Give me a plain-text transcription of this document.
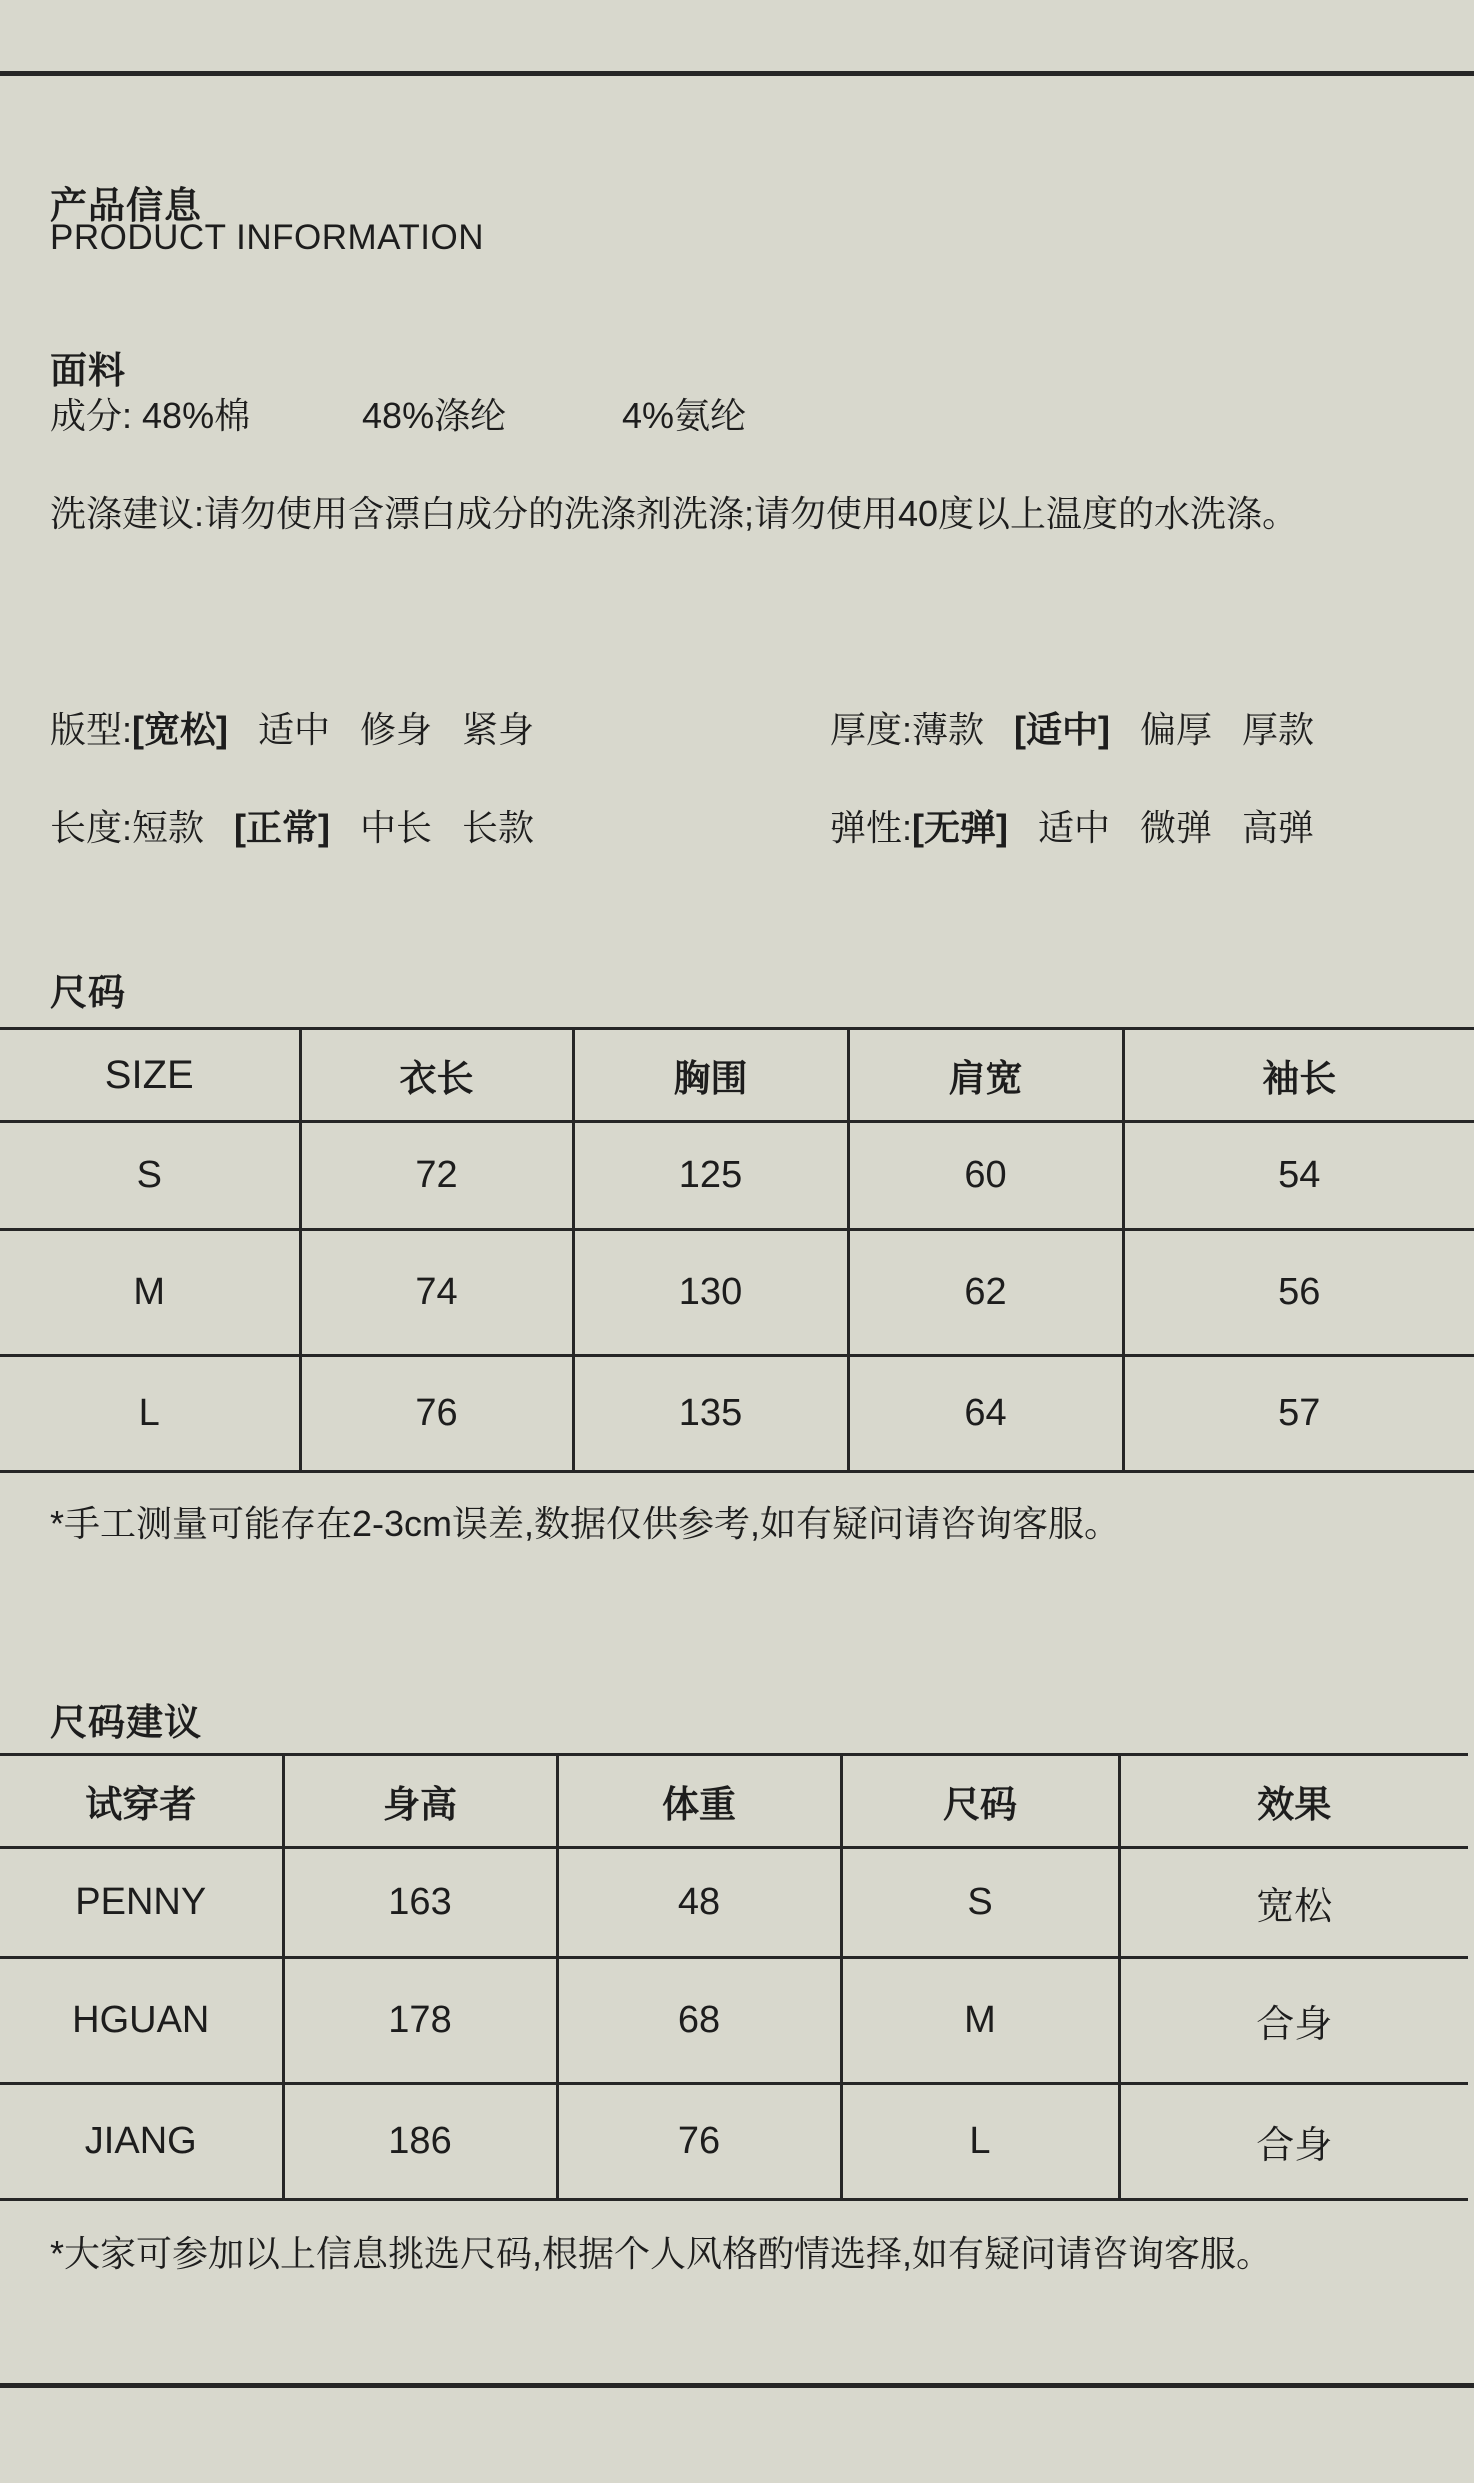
产品信息
PRODUCT INFORMATION
面料
成分: 48%棉	48%涤纶	4%氨纶
洗涤建议:请勿使用含漂白成分的洗涤剂洗涤;请勿使用40度以上温度的水洗涤。
版型:[宽松] 适中 修身 紧身	厚度:薄款 [适中] 偏厚 厚款
长度:短款 [正常] 中长 长款	弹性:[无弹] 适中 微弹 高弹
尺码
SIZE	衣长	胸围	肩宽	袖长
S	72	125	60	54
M	74	130	62	56
L	76	135	64	57
*手工测量可能存在2-3cm误差,数据仅供参考,如有疑问请咨询客服。
尺码建议
试穿者	身高	体重	尺码	效果
PENNY	163	48	S	宽松
HGUAN	178	68	M	合身
JIANG	186	76	L	合身
*大家可参加以上信息挑选尺码,根据个人风格酌情选择,如有疑问请咨询客服。
